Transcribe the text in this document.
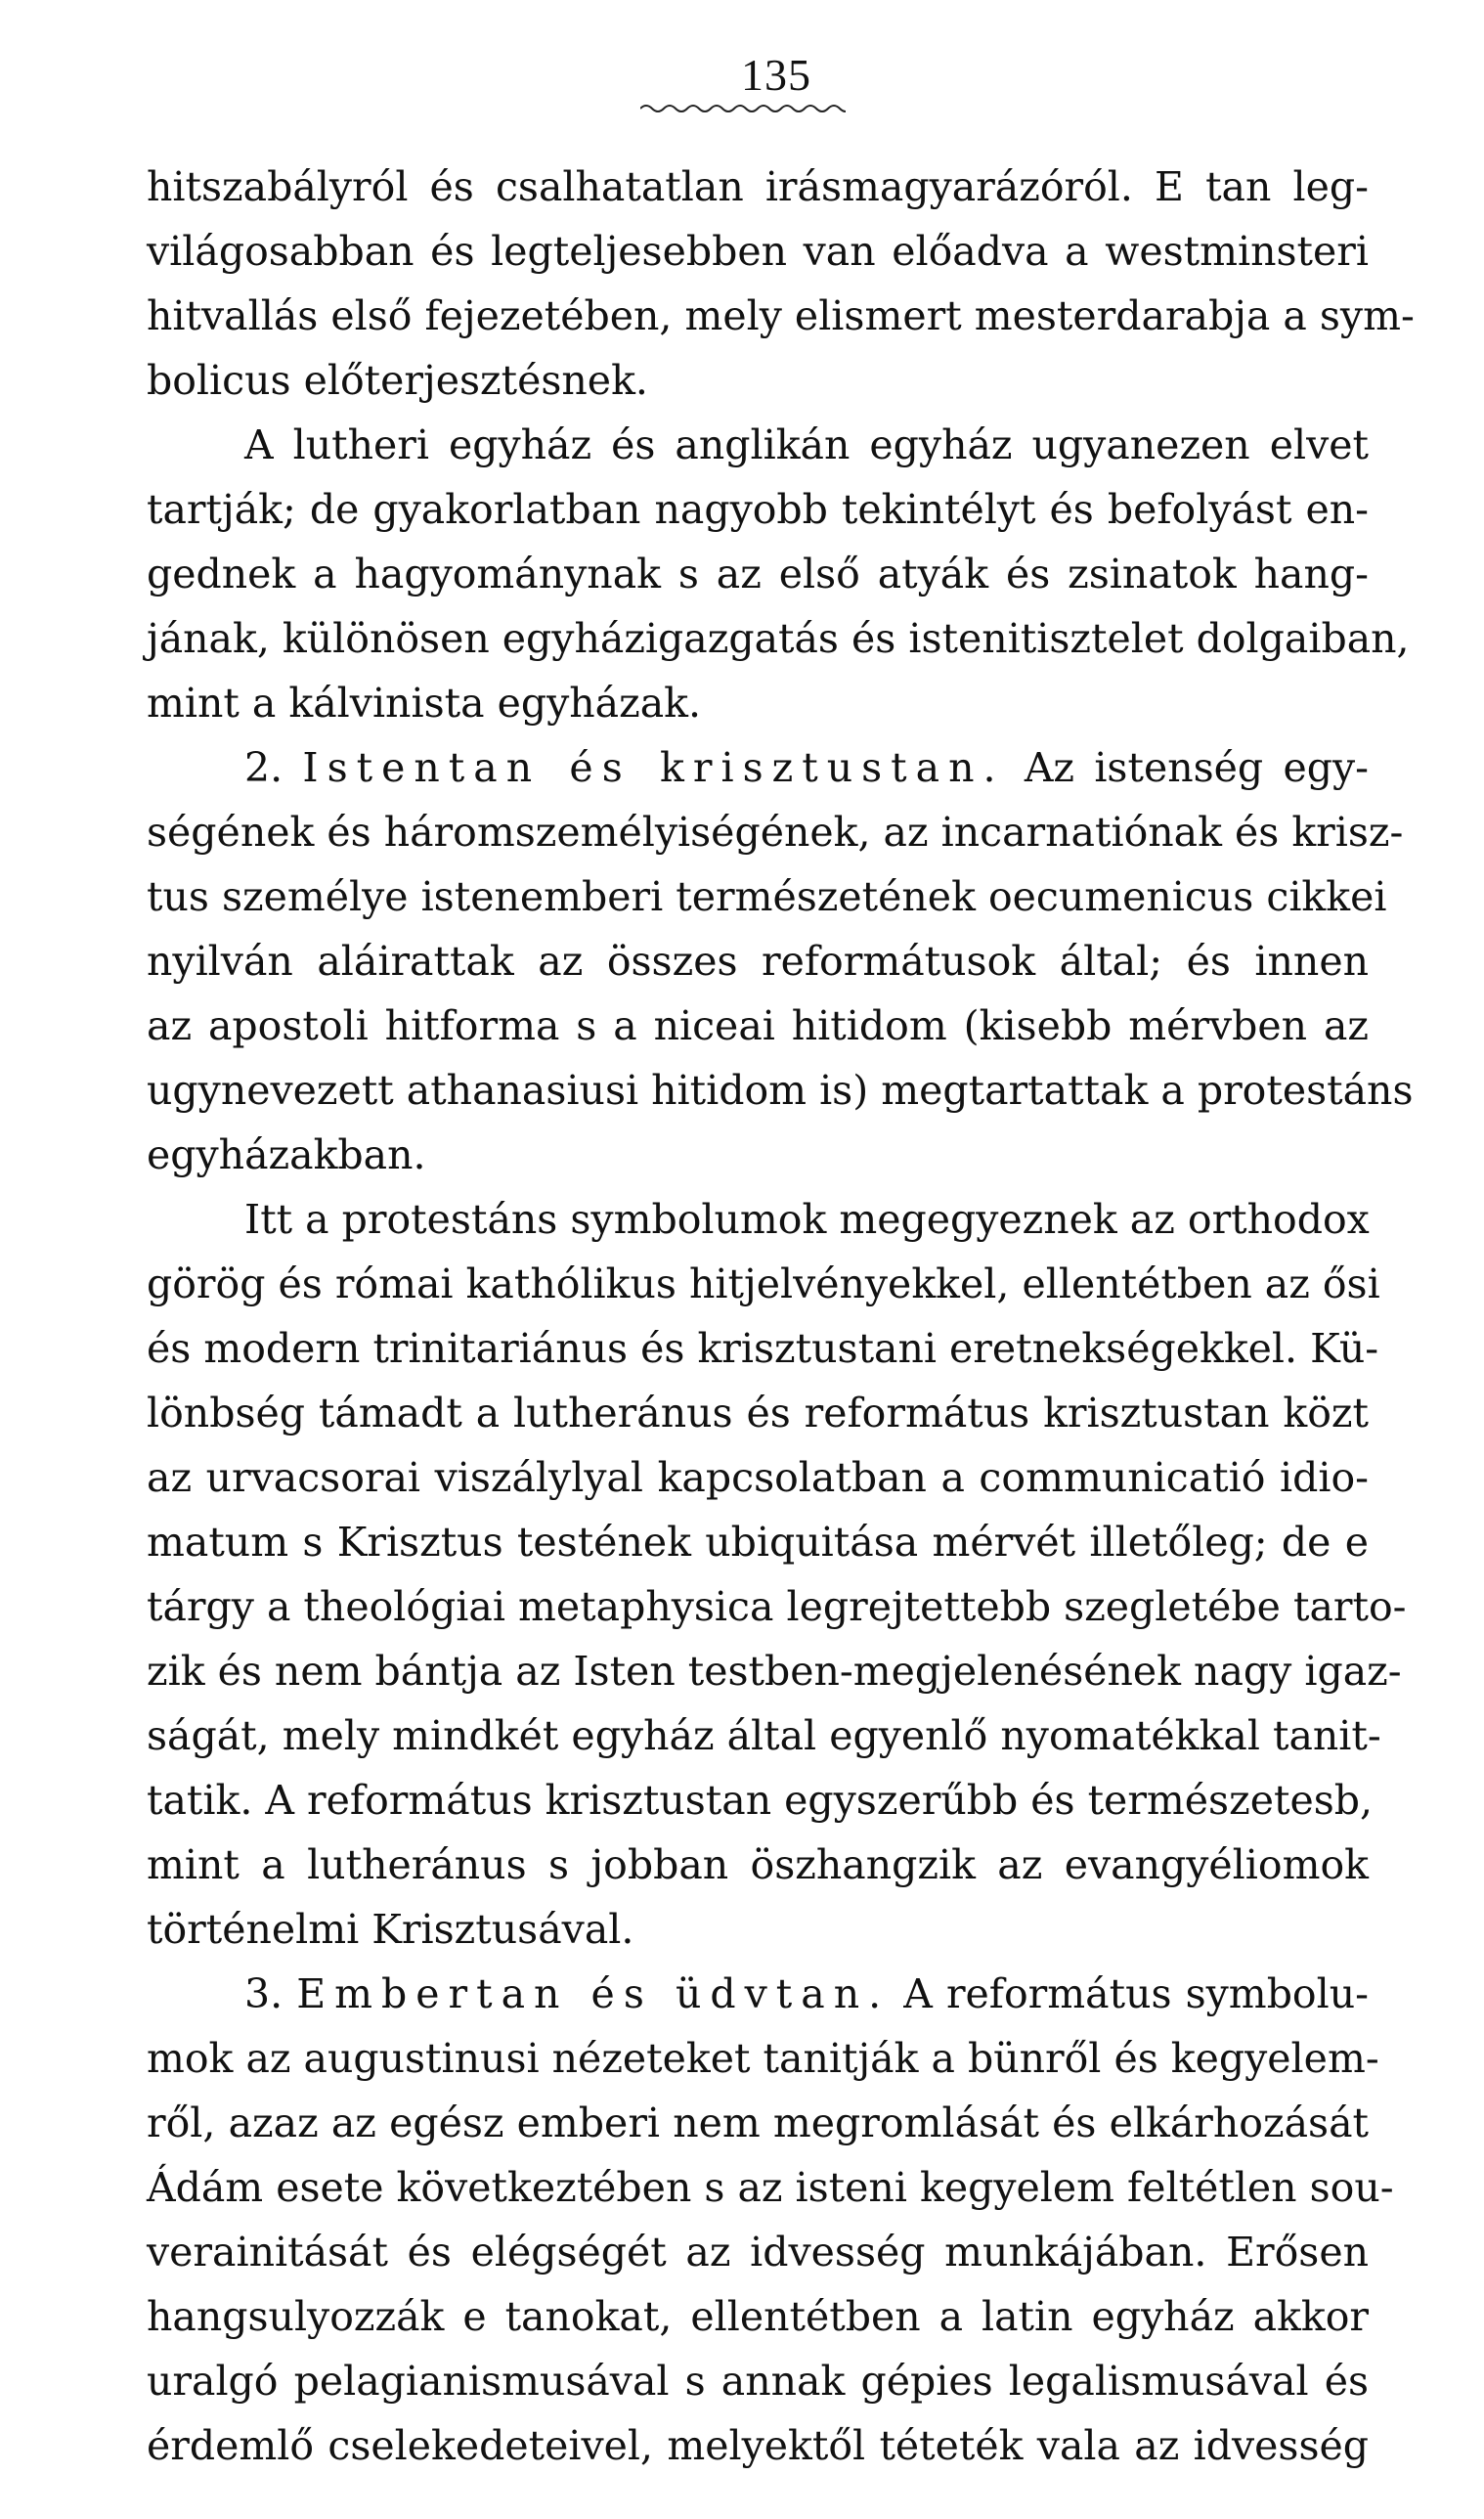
135
hitszabályról és csalhatatlan irásmagyarázóról. E tan leg-
világosabban és legteljesebben van előadva a westminsteri
hitvallás első fejezetében, mely elismert mesterdarabja a sym-
bolicus előterjesztésnek.
A lutheri egyház és anglikán egyház ugyanezen elvet
tartják; de gyakorlatban nagyobb tekintélyt és befolyást en-
gednek a hagyománynak s az első atyák és zsinatok hang-
jának, különösen egyházigazgatás és istenitisztelet dolgaiban,
mint a kálvinista egyházak.
2. Istentan és krisztustan. Az istenség egy-
ségének és háromszemélyiségének, az incarnatiónak és krisz-
tus személye istenemberi természetének oecumenicus cikkei
nyilván aláirattak az összes reformátusok által; és innen
az apostoli hitforma s a niceai hitidom (kisebb mérvben az
ugynevezett athanasiusi hitidom is) megtartattak a protestáns
egyházakban.
Itt a protestáns symbolumok megegyeznek az orthodox
görög és római kathólikus hitjelvényekkel, ellentétben az ősi
és modern trinitariánus és krisztustani eretnekségekkel. Kü-
lönbség támadt a lutheránus és református krisztustan közt
az urvacsorai viszálylyal kapcsolatban a communicatió idio-
matum s Krisztus testének ubiquitása mérvét illetőleg; de e
tárgy a theológiai metaphysica legrejtettebb szegletébe tarto-
zik és nem bántja az Isten testben-megjelenésének nagy igaz-
ságát, mely mindkét egyház által egyenlő nyomatékkal tanit-
tatik. A református krisztustan egyszerűbb és természetesb,
mint a lutheránus s jobban öszhangzik az evangyéliomok
történelmi Krisztusával.
3. Embertan és üdvtan. A református symbolu-
mok az augustinusi nézeteket tanitják a bünről és kegyelem-
ről, azaz az egész emberi nem megromlását és elkárhozását
Ádám esete következtében s az isteni kegyelem feltétlen sou-
verainitását és elégségét az idvesség munkájában. Erősen
hangsulyozzák e tanokat, ellentétben a latin egyház akkor
uralgó pelagianismusával s annak gépies legalismusával és
érdemlő cselekedeteivel, melyektől téteték vala az idvesség
